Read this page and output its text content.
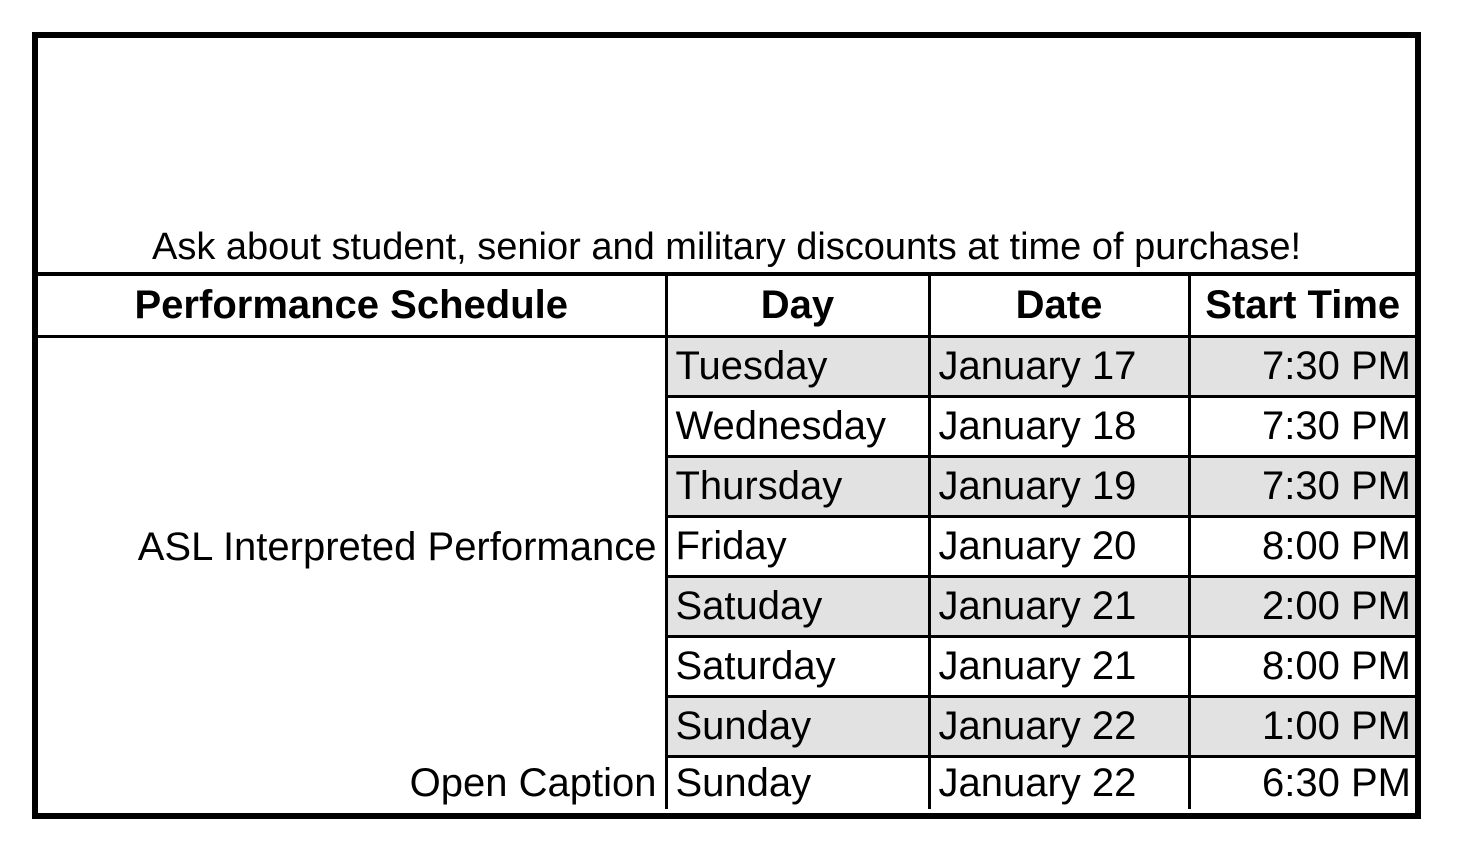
Ask about student, senior and military discounts at time of purchase!
Performance Schedule	Day	Date	Start Time
ASL Interpreted Performance	Tuesday	January 17	7:30 PM
	Wednesday	January 18	7:30 PM
	Thursday	January 19	7:30 PM
	Friday	January 20	8:00 PM
	Satuday	January 21	2:00 PM
	Saturday	January 21	8:00 PM
	Sunday	January 22	1:00 PM
Open Caption	Sunday	January 22	6:30 PM
